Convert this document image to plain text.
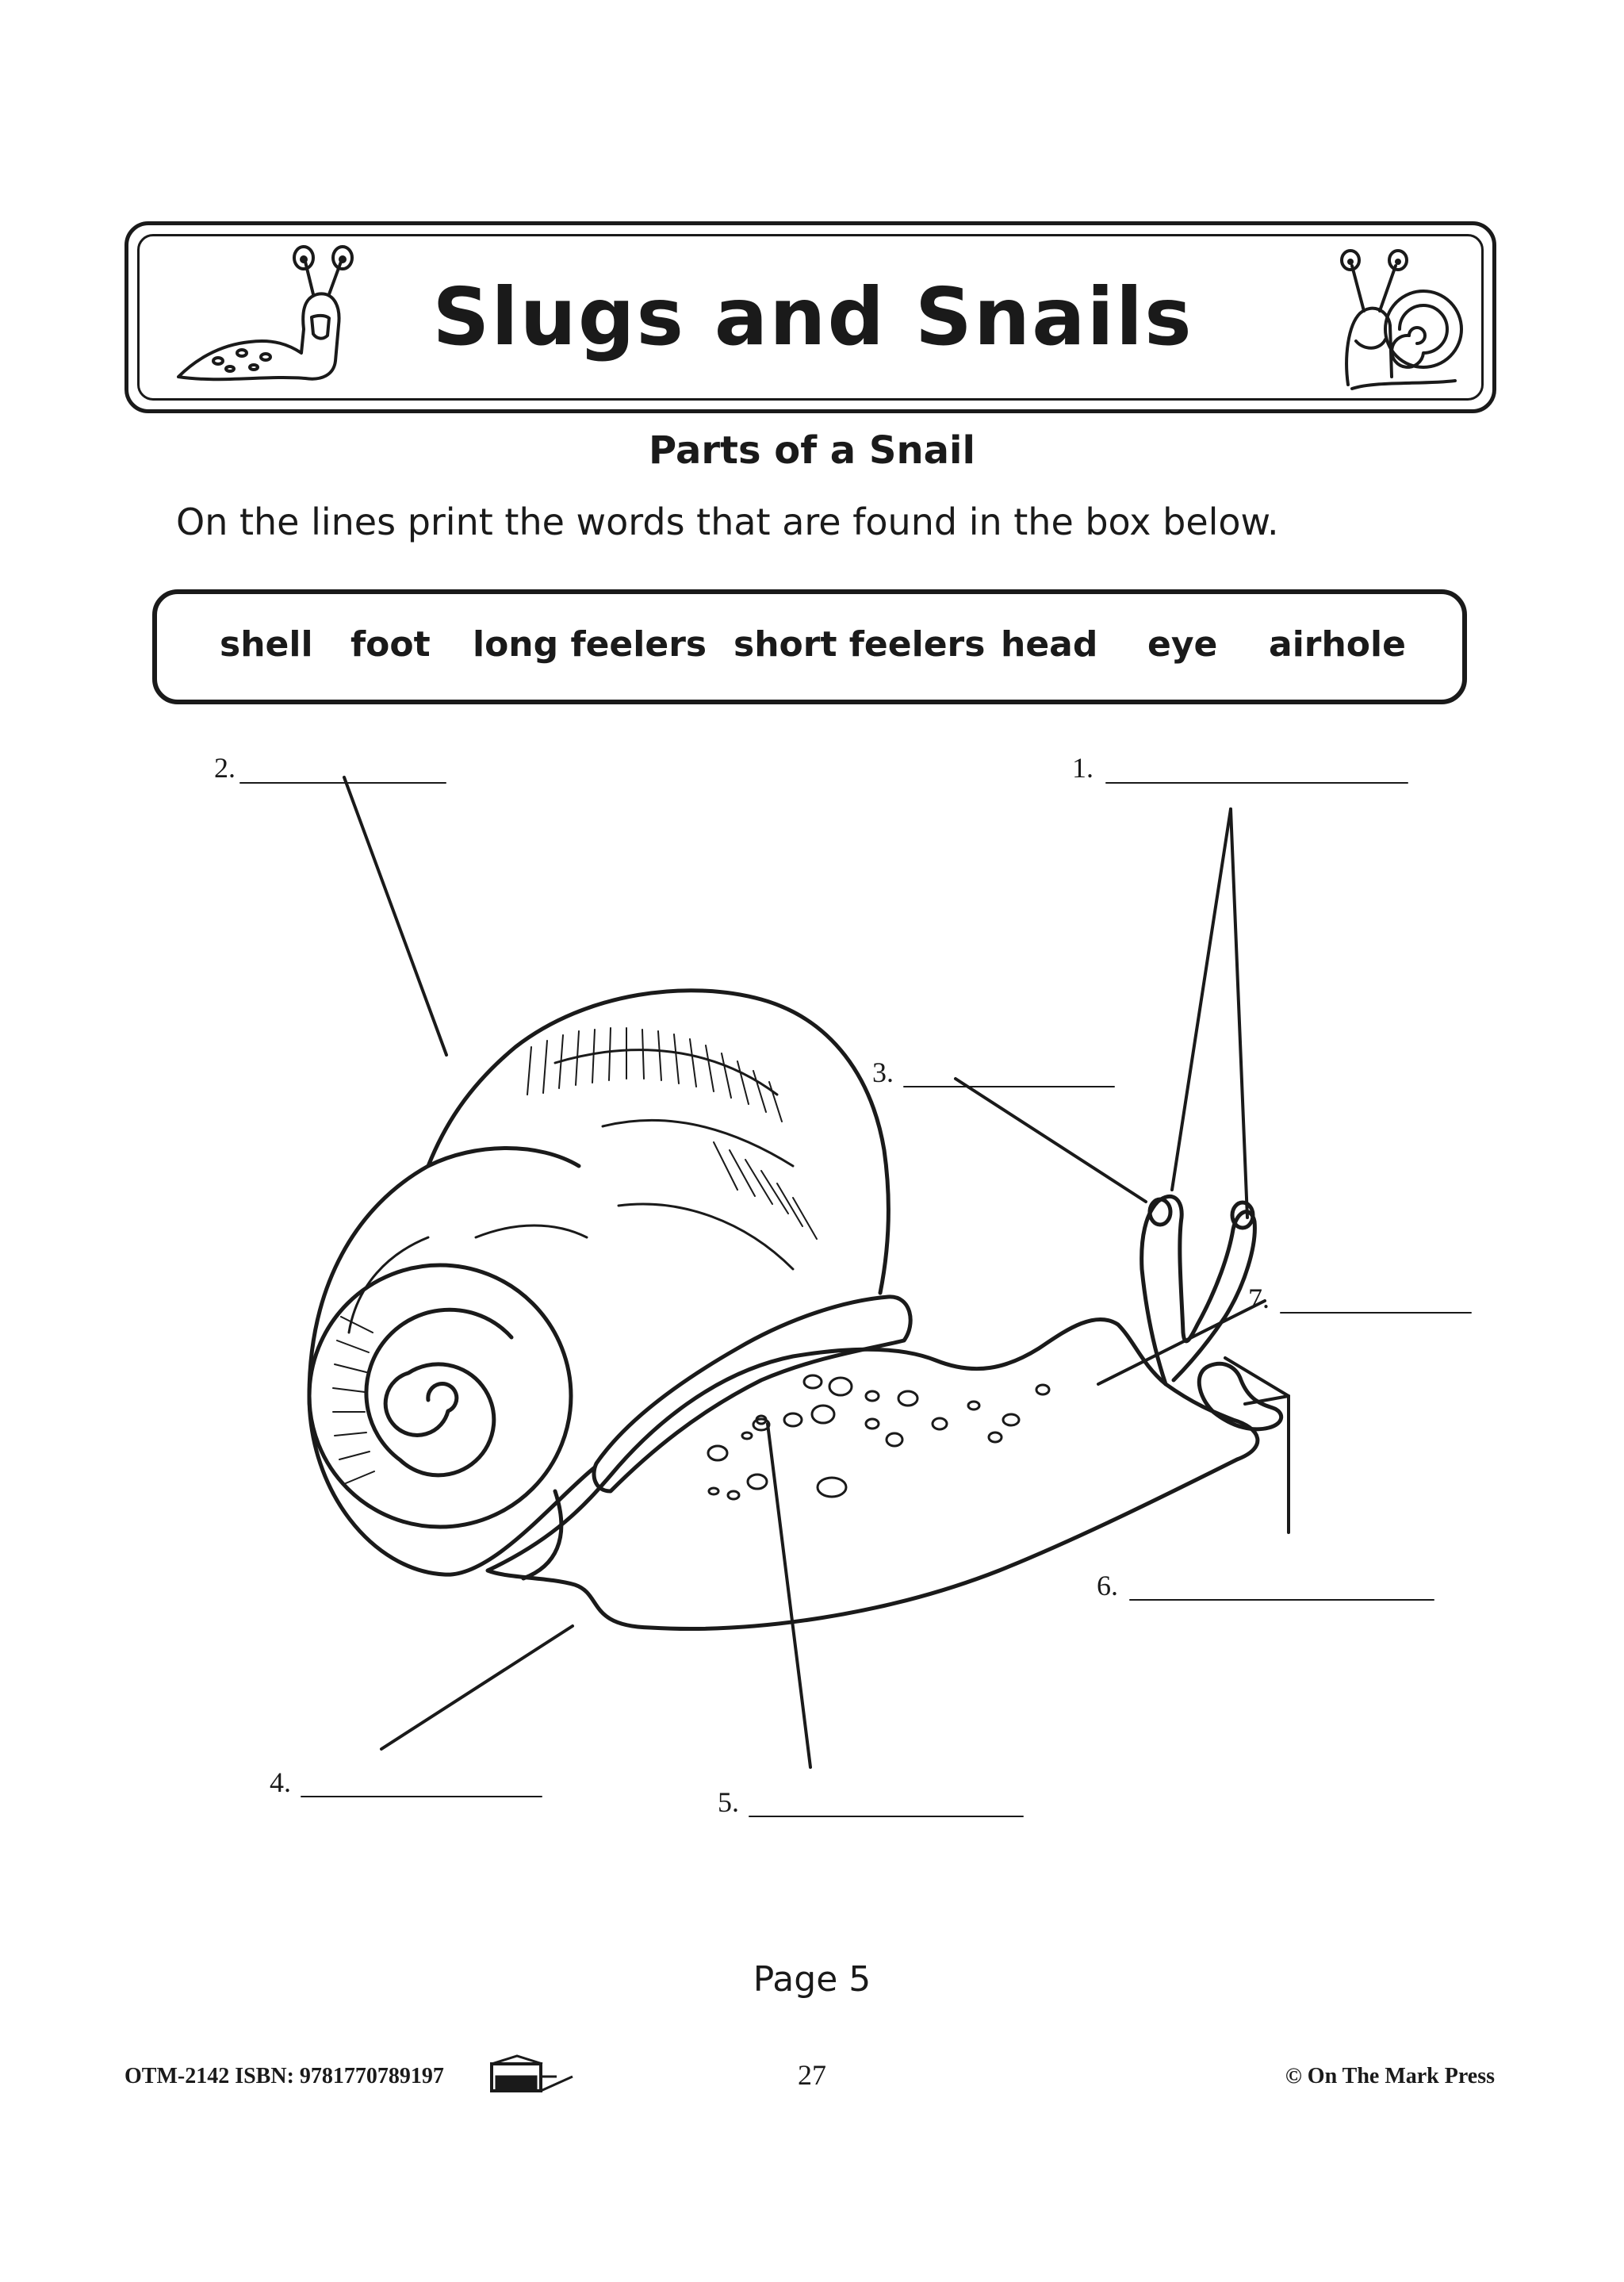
Slugs and Snails
Parts of a Snail
On the lines print the words that are found in the box below.
shell foot long feelers short feelers head eye airhole
1.
2.
3.
4.
5.
6.
7.
Page 5
OTM-2142 ISBN: 9781770789197	27	© On The Mark Press
